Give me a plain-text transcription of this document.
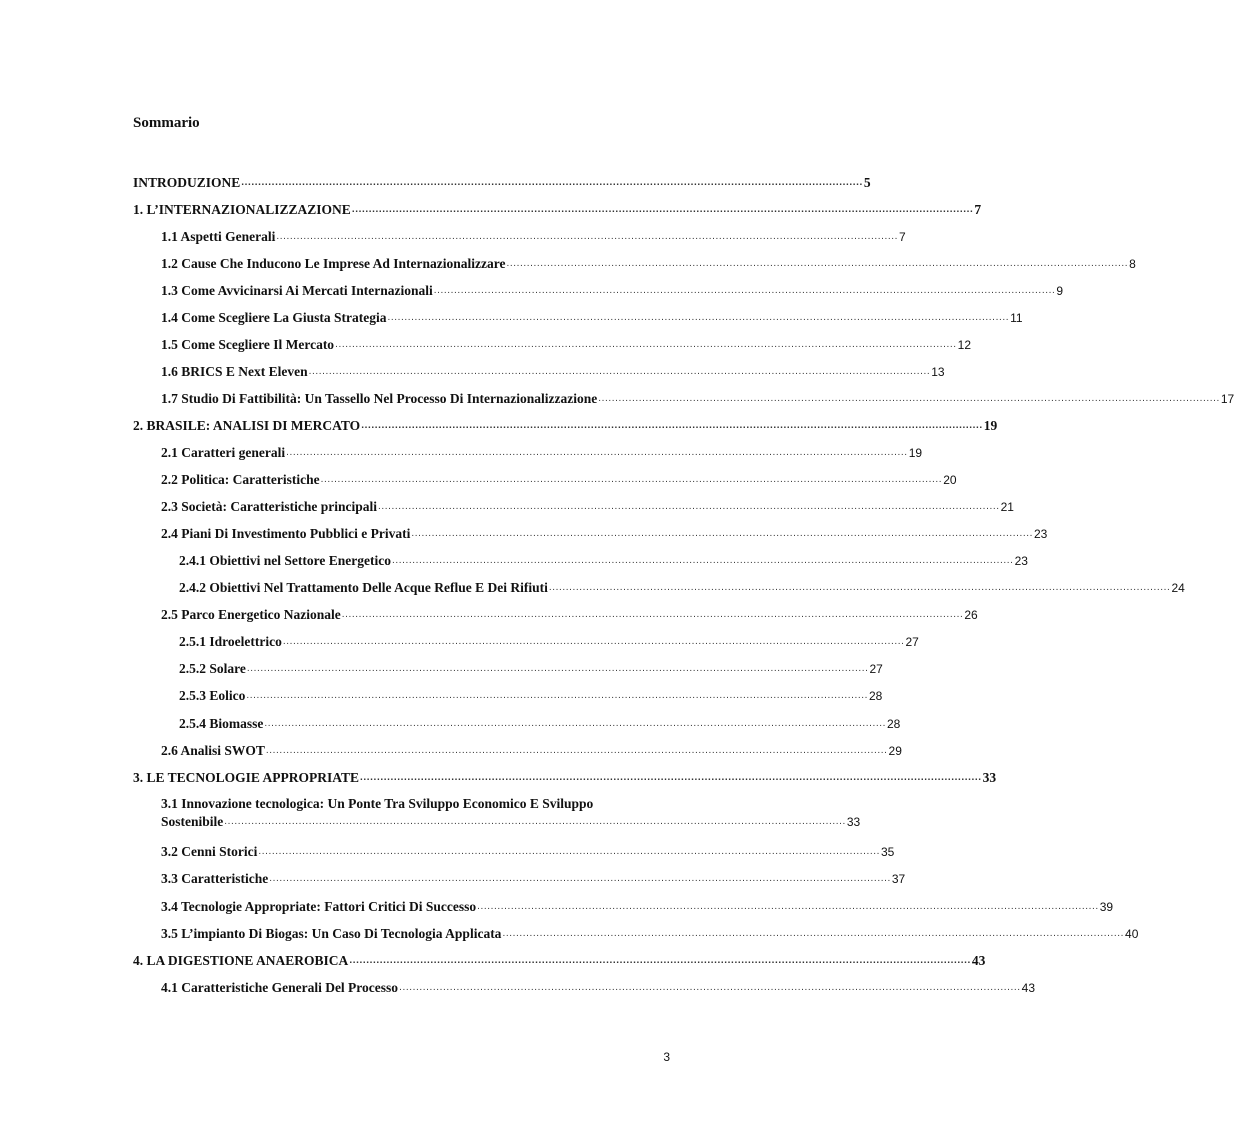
Sommario
INTRODUZIONE ........................................................................................................................................................................................ 5
1. L’INTERNAZIONALIZZAZIONE ........................................................................................................................................................................................ 7
1.1 Aspetti Generali ........................................................................................................................................................................................ 7
1.2 Cause Che Inducono Le Imprese Ad Internazionalizzare ........................................................................................................................................................................................ 8
1.3 Come Avvicinarsi Ai Mercati Internazionali ........................................................................................................................................................................................ 9
1.4 Come Scegliere La Giusta Strategia ........................................................................................................................................................................................ 11
1.5 Come Scegliere Il Mercato ........................................................................................................................................................................................ 12
1.6 BRICS E Next Eleven ........................................................................................................................................................................................ 13
1.7 Studio Di Fattibilità: Un Tassello Nel Processo Di Internazionalizzazione ........................................................................................................................................................................................ 17
2. BRASILE: ANALISI DI MERCATO ........................................................................................................................................................................................ 19
2.1 Caratteri generali ........................................................................................................................................................................................ 19
2.2 Politica: Caratteristiche ........................................................................................................................................................................................ 20
2.3 Società: Caratteristiche principali ........................................................................................................................................................................................ 21
2.4 Piani Di Investimento Pubblici e Privati ........................................................................................................................................................................................ 23
2.4.1 Obiettivi nel Settore Energetico ........................................................................................................................................................................................ 23
2.4.2 Obiettivi Nel Trattamento Delle Acque Reflue E Dei Rifiuti ........................................................................................................................................................................................ 24
2.5 Parco Energetico Nazionale ........................................................................................................................................................................................ 26
2.5.1 Idroelettrico ........................................................................................................................................................................................ 27
2.5.2 Solare ........................................................................................................................................................................................ 27
2.5.3 Eolico ........................................................................................................................................................................................ 28
2.5.4 Biomasse ........................................................................................................................................................................................ 28
2.6 Analisi SWOT ........................................................................................................................................................................................ 29
3. LE TECNOLOGIE APPROPRIATE ........................................................................................................................................................................................ 33
3.1 Innovazione tecnologica: Un Ponte Tra Sviluppo Economico E Sviluppo
Sostenibile ........................................................................................................................................................................................ 33
3.2 Cenni Storici ........................................................................................................................................................................................ 35
3.3 Caratteristiche ........................................................................................................................................................................................ 37
3.4 Tecnologie Appropriate: Fattori Critici Di Successo ........................................................................................................................................................................................ 39
3.5 L’impianto Di Biogas: Un Caso Di Tecnologia Applicata ........................................................................................................................................................................................ 40
4. LA DIGESTIONE ANAEROBICA ........................................................................................................................................................................................ 43
4.1 Caratteristiche Generali Del Processo ........................................................................................................................................................................................ 43
3
